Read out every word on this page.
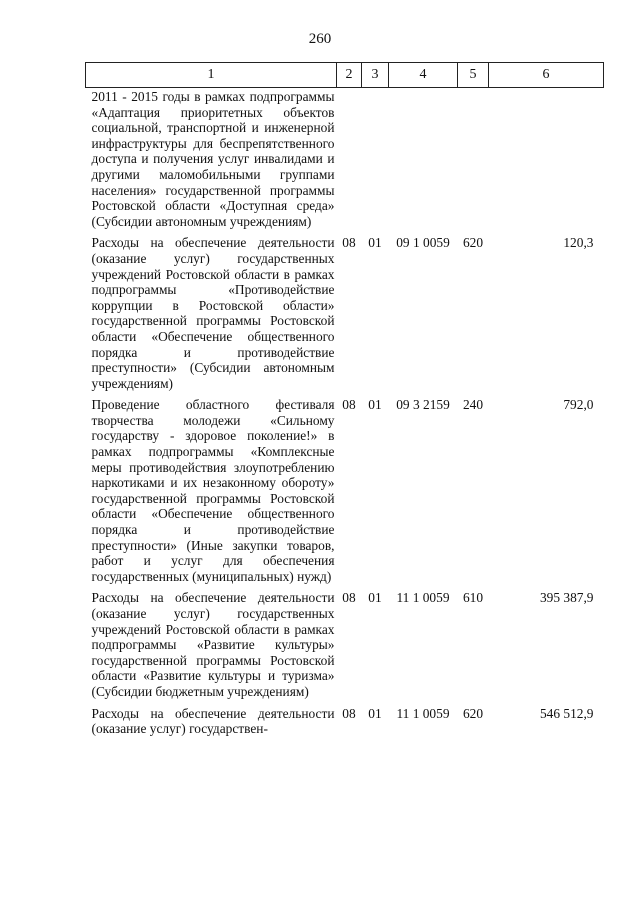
260
1	2	3	4	5	6
2011 - 2015 годы в рамках подпрограммы «Адаптация приоритетных объектов социальной, транспортной и инженерной инфраструктуры для беспрепятственного доступа и получения услуг инвалидами и другими маломобильными группами населения» государственной программы Ростовской области «Доступная среда» (Субсидии автономным учреждениям)					
Расходы на обеспечение деятельности (оказание услуг) государственных учреждений Ростовской области в рамках подпрограммы «Противодействие коррупции в Ростовской области» государственной программы Ростовской области «Обеспечение общественного порядка и противодействие преступности» (Субсидии автономным учреждениям)	08	01	09 1 0059	620	120,3
Проведение областного фестиваля творчества молодежи «Сильному государству - здоровое поколение!» в рамках подпрограммы «Комплексные меры противодействия злоупотреблению наркотиками и их незаконному обороту» государственной программы Ростовской области «Обеспечение общественного порядка и противодействие преступности» (Иные закупки товаров, работ и услуг для обеспечения государственных (муниципальных) нужд)	08	01	09 3 2159	240	792,0
Расходы на обеспечение деятельности (оказание услуг) государственных учреждений Ростовской области в рамках подпрограммы «Развитие культуры» государственной программы Ростовской области «Развитие культуры и туризма» (Субсидии бюджетным учреждениям)	08	01	11 1 0059	610	395 387,9
Расходы на обеспечение деятельности (оказание услуг) государствен-	08	01	11 1 0059	620	546 512,9
